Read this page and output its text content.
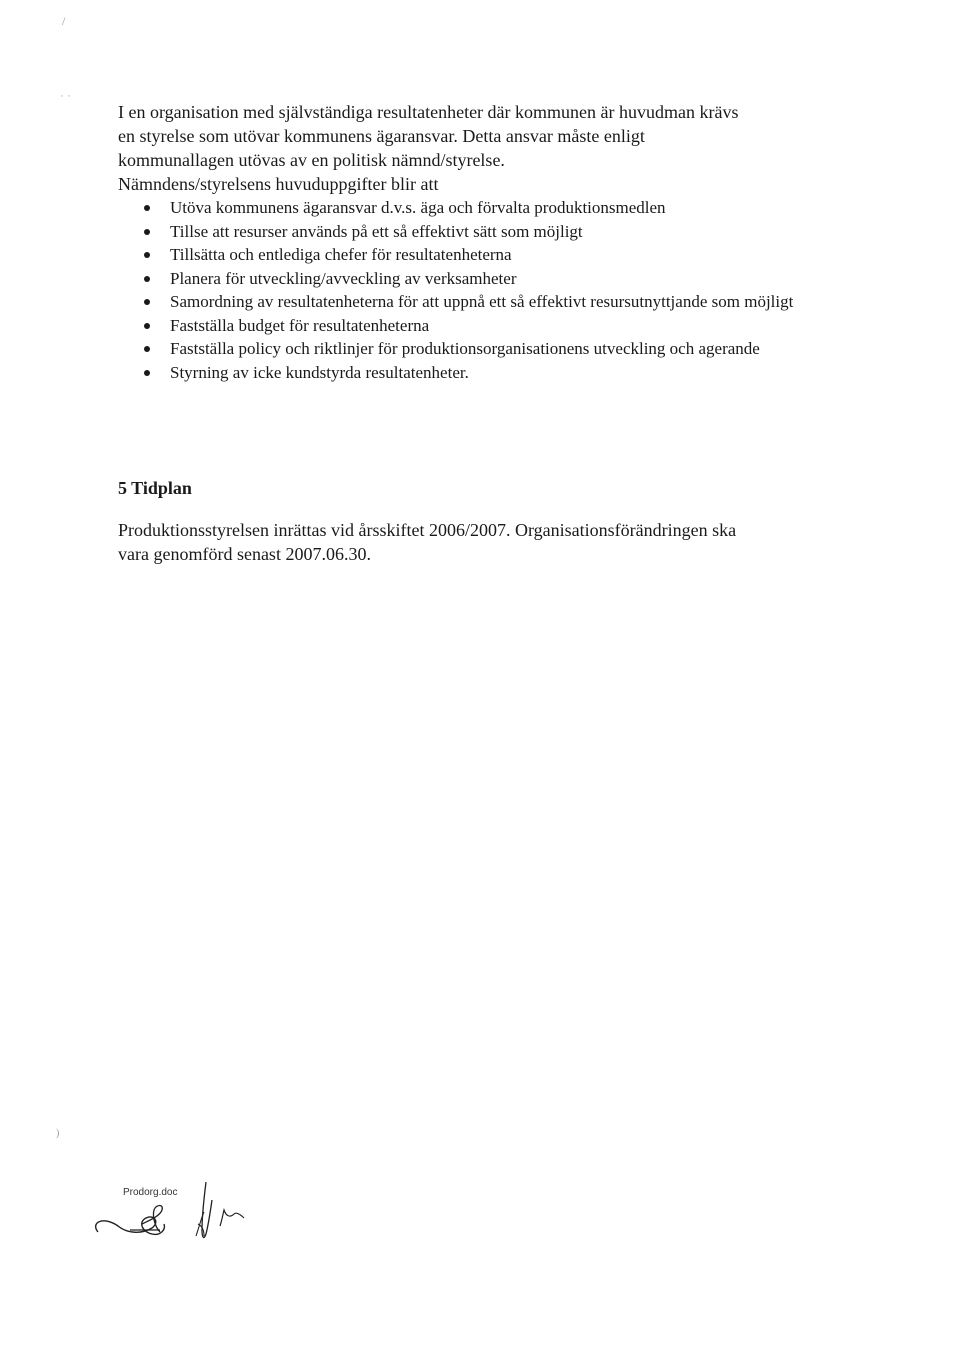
/
˙ ˙
)

I en organisation med självständiga resultatenheter där kommunen är huvudman krävs

en styrelse som utövar kommunens ägaransvar. Detta ansvar måste enligt

kommunallagen utövas av en politisk nämnd/styrelse.

Nämndens/styrelsens huvuduppgifter blir att

Utöva kommunens ägaransvar d.v.s. äga och förvalta produktionsmedlen
Tillse att resurser används på ett så effektivt sätt som möjligt
Tillsätta och entlediga chefer för resultatenheterna
Planera för utveckling/avveckling av verksamheter
Samordning av resultatenheterna för att uppnå ett så effektivt resursutnyttjande som möjligt
Fastställa budget för resultatenheterna
Fastställa policy och riktlinjer för produktionsorganisationens utveckling och agerande
Styrning av icke kundstyrda resultatenheter.
5 Tidplan
Produktionsstyrelsen inrättas vid årsskiftet 2006/2007. Organisationsförändringen ska
vara genomförd senast 2007.06.30.
Prodorg.doc
